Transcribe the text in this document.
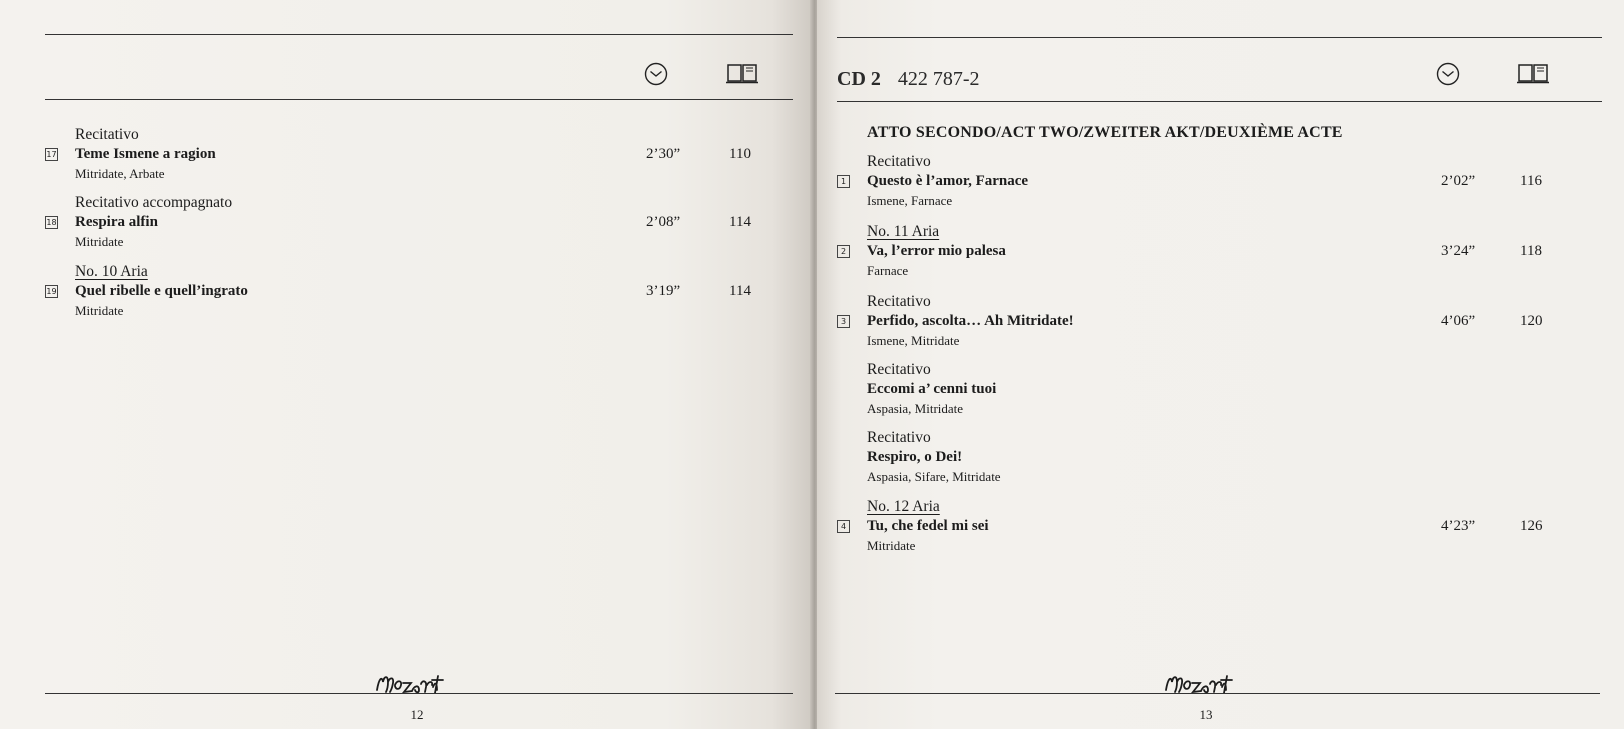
Recitativo
17 Teme Ismene a ragion
Mitridate, Arbate
2’30”	110
Recitativo accompagnato
18 Respira alfin
Mitridate
2’08”	114
No. 10 Aria
19 Quel ribelle e quell’ingrato
Mitridate
3’19”	114
12
CD 2 422 787-2
ATTO SECONDO/ACT TWO/ZWEITER AKT/DEUXIÈME ACTE
Recitativo
1 Questo è l’amor, Farnace
Ismene, Farnace
2’02”	116
No. 11 Aria
2 Va, l’error mio palesa
Farnace
3’24”	118
Recitativo
3 Perfido, ascolta… Ah Mitridate!
Ismene, Mitridate
4’06”	120
Recitativo
Eccomi a’ cenni tuoi
Aspasia, Mitridate
Recitativo
Respiro, o Dei!
Aspasia, Sifare, Mitridate
No. 12 Aria
4 Tu, che fedel mi sei
Mitridate
4’23”	126
13
